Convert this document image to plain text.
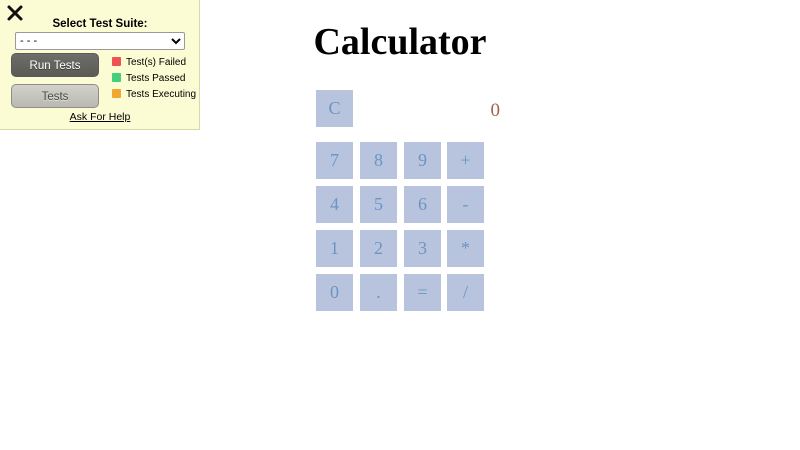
Select Test Suite:
- - -
Run Tests
Tests
Test(s) Failed
Tests Passed
Tests Executing
Ask For Help
Calculator
0
C
7	8	9	+
4	5	6	-
1	2	3	*
0	.	=	/
